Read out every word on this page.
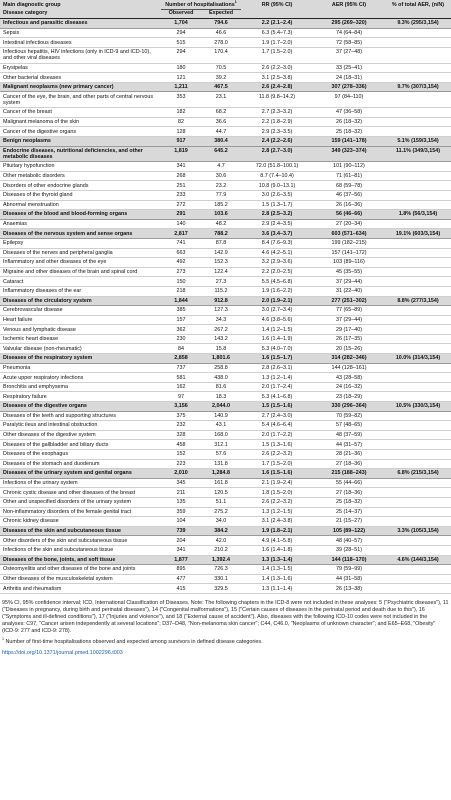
Main diagnostic group	Number of hospitalisations$^1$		RR (95% CI)	AER (95% CI)	% of total AER, (n/N)
Disease category	Observed	Expected			
Infectious and parasitic diseases	1,704	794.6	2.2 (2.1–2.4)	295 (269–320)	9.3% (295/3,154)
Sepsis	294	46.6	6.3 (5.4–7.3)	74 (64–84)	
Intestinal infectious diseases	515	278.0	1.9 (1.7–2.0)	72 (58–85)	
Infectious hepatitis, HIV infections (only in ICD-9 and ICD-10), and other viral diseases	294	170.4	1.7 (1.5–2.0)	37 (27–48)	
Erysipelas	180	70.5	2.6 (2.2–3.0)	33 (25–41)	
Other bacterial diseases	121	39.2	3.1 (2.5–3.8)	24 (18–31)	
Malignant neoplasms (new primary cancer)	1,211	467.5	2.6 (2.4–2.8)	307 (278–336)	9.7% (307/3,154)
Cancer of the eye, the brain, and other parts of central nervous system	353	23.1	11.8 (9.8–14.2)	97 (84–110)	
Cancer of the breast	182	68.2	2.7 (2.3–3.2)	47 (36–58)	
Malignant melanoma of the skin	82	36.6	2.2 (1.8–2.9)	26 (18–32)	
Cancer of the digestive organs	128	44.7	2.9 (2.3–3.5)	25 (18–32)	
Benign neoplasms	917	380.4	2.4 (2.2–2.6)	159 (141–178)	5.1% (159/3,154)
Endocrine diseases, nutritional deficiencies, and other metabolic diseases	1,819	645.2	2.8 (2.7–3.0)	349 (323–374)	11.1% (349/3,154)
Pituitary hypofunction	341	4.7	72.0 (51.8–100.1)	101 (90–112)	
Other metabolic disorders	268	30.6	8.7 (7.4–10.4)	71 (61–81)	
Disorders of other endocrine glands	251	23.2	10.8 (9.0–13.1)	68 (59–78)	
Diseases of the thyroid gland	233	77.9	3.0 (2.6–3.5)	46 (37–56)	
Abnormal menstruation	272	185.2	1.5 (1.3–1.7)	26 (16–36)	
Diseases of the blood and blood-forming organs	291	103.6	2.8 (2.5–3.2)	56 (46–66)	1.8% (56/3,154)
Anaemias	140	48.2	2.9 (2.4–3.5)	27 (20–34)	
Diseases of the nervous system and sense organs	2,817	788.2	3.6 (3.4–3.7)	603 (571–634)	19.1% (603/3,154)
Epilepsy	741	87.8	8.4 (7.6–9.3)	199 (182–215)	
Diseases of the nerves and peripheral ganglia	663	142.9	4.6 (4.2–5.1)	157 (141–172)	
Inflammatory and other diseases of the eye	492	152.3	3.2 (2.9–3.6)	103 (89–116)	
Migraine and other diseases of the brain and spinal cord	273	122.4	2.2 (2.0–2.5)	45 (35–55)	
Cataract	150	27.3	5.5 (4.5–6.8)	37 (29–44)	
Inflammatory diseases of the ear	218	115.2	1.9 (1.6–2.2)	31 (22–40)	
Diseases of the circulatory system	1,844	912.8	2.0 (1.9–2.1)	277 (251–302)	8.8% (277/3,154)
Cerebrovascular disease	385	127.3	3.0 (2.7–3.4)	77 (65–89)	
Heart failure	157	34.3	4.6 (3.8–5.6)	37 (29–44)	
Venous and lymphatic disease	362	267.2	1.4 (1.2–1.5)	29 (17–40)	
Ischemic heart disease	230	143.2	1.6 (1.4–1.9)	26 (17–35)	
Valvular disease (non-rheumatic)	84	15.8	5.3 (4.0–7.0)	20 (15–26)	
Diseases of the respiratory system	2,858	1,801.6	1.6 (1.5–1.7)	314 (282–346)	10.0% (314/3,154)
Pneumonia	737	258.8	2.8 (2.6–3.1)	144 (128–161)	
Acute upper respiratory infections	581	438.0	1.3 (1.2–1.4)	43 (28–58)	
Bronchitis and emphysema	162	81.6	2.0 (1.7–2.4)	24 (16–32)	
Respiratory failure	97	18.3	5.3 (4.1–6.8)	23 (18–29)	
Diseases of the digestive organs	3,156	2,044.0	1.5 (1.5–1.6)	330 (296–364)	10.5% (330/3,154)
Diseases of the teeth and supporting structures	375	140.9	2.7 (2.4–3.0)	70 (59–82)	
Paralytic ileus and intestinal obstruction	232	43.1	5.4 (4.6–6.4)	57 (48–65)	
Other diseases of the digestive system	328	168.0	2.0 (1.7–2.2)	48 (37–59)	
Diseases of the gallbladder and biliary ducts	458	312.1	1.5 (1.3–1.6)	44 (31–57)	
Diseases of the esophagus	152	57.6	2.6 (2.2–3.2)	28 (21–36)	
Diseases of the stomach and duodenum	223	131.8	1.7 (1.5–2.0)	27 (18–36)	
Diseases of the urinary system and genital organs	2,010	1,284.8	1.6 (1.5–1.6)	215 (188–243)	6.8% (215/3,154)
Infections of the urinary system	345	161.8	2.1 (1.9–2.4)	55 (44–66)	
Chronic cystic disease and other diseases of the breast	211	120.5	1.8 (1.5–2.0)	27 (18–36)	
Other and unspecified disorders of the urinary system	135	51.1	2.6 (2.2–3.2)	25 (18–32)	
Non-inflammatory disorders of the female genital tract	359	275.2	1.3 (1.2–1.5)	25 (14–37)	
Chronic kidney disease	104	34.0	3.1 (2.4–3.8)	21 (15–27)	
Diseases of the skin and subcutaneous tissue	739	384.2	1.9 (1.8–2.1)	105 (89–122)	3.3% (105/3,154)
Other disorders of the skin and subcutaneous tissue	204	42.0	4.9 (4.1–5.8)	48 (40–57)	
Infections of the skin and subcutaneous tissue	341	210.2	1.6 (1.4–1.8)	39 (28–51)	
Diseases of the bone, joints, and soft tissue	1,877	1,392.4	1.3 (1.3–1.4)	144 (118–170)	4.6% (144/3,154)
Osteomyelitis and other diseases of the bone and joints	895	726.3	1.4 (1.3–1.5)	79 (59–99)	
Other diseases of the musculoskeletal system	477	330.1	1.4 (1.3–1.6)	44 (31–58)	
Arthritis and rheumatism	415	329.5	1.3 (1.1–1.4)	26 (13–38)	

95% CI, 95% confidence interval; ICD, International Classification of Diseases. Note: The following chapters in the ICD-8 were not included in these analyses: 5 ("Psychiatric diseases"), 11 ("Diseases in pregnancy, during birth and perinatal diseases"), 14 ("Congenital malformations"), 15 ("Certain causes of diseases in the perinatal period and death due to this"), 16 ("Symptoms and ill-defined conditions"), 17 ("Injuries and violence"), and 18 ("External cause of accident"). Also, diseases with the following ICD-10 codes were not included in the analyses: C97, "Cancer arisen independently at several locations"; D37–D48, "Non-melanoma skin cancer"; C44, C46.0, "Neoplasms of unknown character"; and E65–E68, "Obesity" (ICD-9: 277 and ICD-9: 278).

$^1$ Number of first-time hospitalisations observed and expected among survivors in defined disease categories.

https://doi.org/10.1371/journal.pmed.1002296.t003
